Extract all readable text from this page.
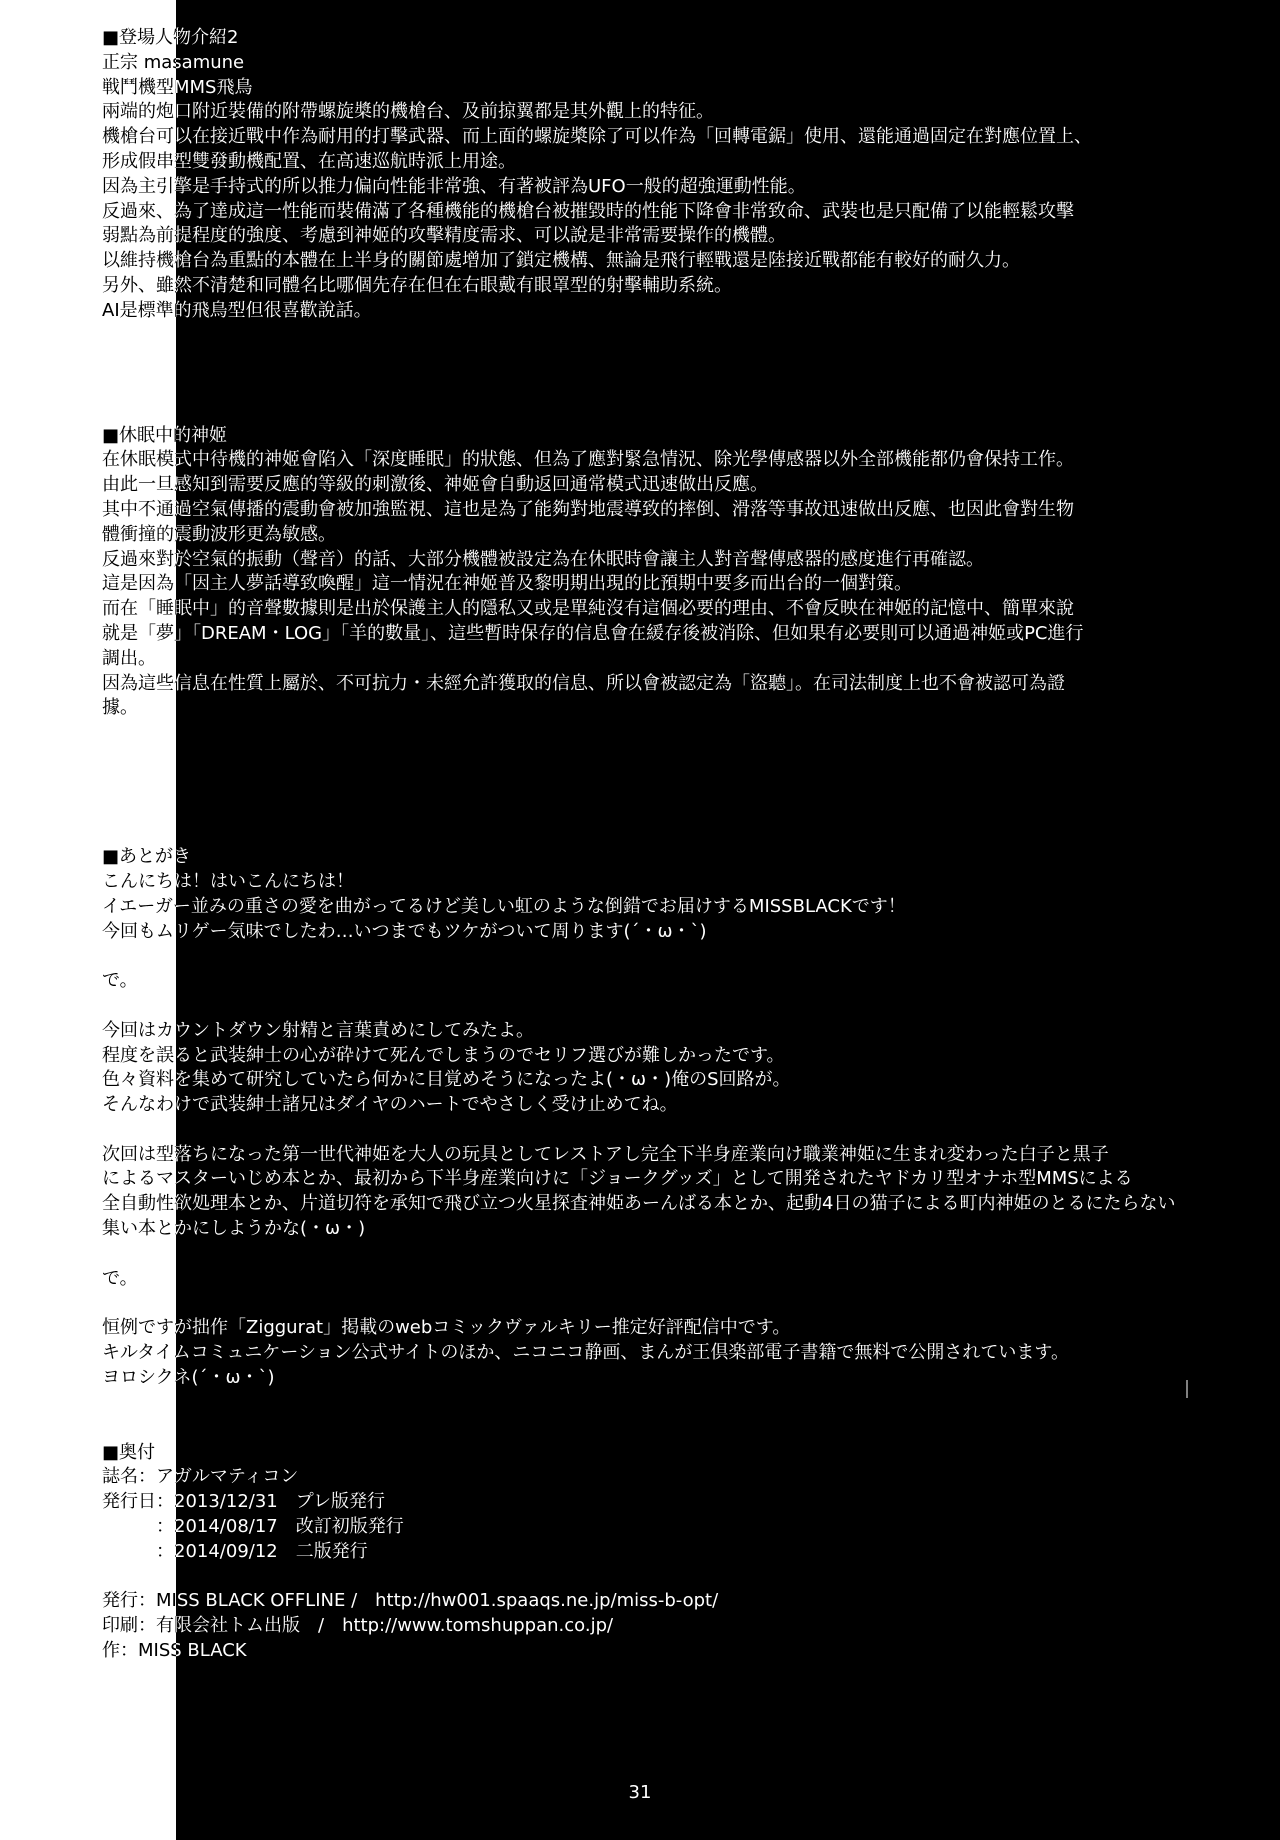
■登場人物介紹2
正宗 masamune
戦鬥機型MMS飛鳥
兩端的炮口附近裝備的附帶螺旋槳的機槍台、及前掠翼都是其外觀上的特征。
機槍台可以在接近戰中作為耐用的打擊武器、而上面的螺旋槳除了可以作為「回轉電鋸」使用、還能通過固定在對應位置上、
形成假串型雙發動機配置、在高速巡航時派上用途。
因為主引擎是手持式的所以推力偏向性能非常強、有著被評為UFO一般的超強運動性能。
反過來、為了達成這一性能而裝備滿了各種機能的機槍台被摧毀時的性能下降會非常致命、武裝也是只配備了以能輕鬆攻擊
弱點為前提程度的強度、考慮到神姬的攻擊精度需求、可以說是非常需要操作的機體。
以維持機槍台為重點的本體在上半身的關節處增加了鎖定機構、無論是飛行輕戰還是陸接近戰都能有較好的耐久力。
另外、雖然不清楚和同體名比哪個先存在但在右眼戴有眼罩型的射擊輔助系統。
AI是標準的飛鳥型但很喜歡說話。
■休眠中的神姬
在休眠模式中待機的神姬會陷入「深度睡眠」的狀態、但為了應對緊急情況、除光學傳感器以外全部機能都仍會保持工作。
由此一旦感知到需要反應的等級的刺激後、神姬會自動返回通常模式迅速做出反應。
其中不通過空氣傳播的震動會被加強監視、這也是為了能夠對地震導致的摔倒、滑落等事故迅速做出反應、也因此會對生物
體衝撞的震動波形更為敏感。
反過來對於空氣的振動（聲音）的話、大部分機體被設定為在休眠時會讓主人對音聲傳感器的感度進行再確認。
這是因為「因主人夢話導致喚醒」這一情況在神姬普及黎明期出現的比預期中要多而出台的一個對策。
而在「睡眠中」的音聲數據則是出於保護主人的隱私又或是單純沒有這個必要的理由、不會反映在神姬的記憶中、簡單來說
就是「夢」「DREAM・LOG」「羊的數量」、這些暫時保存的信息會在緩存後被消除、但如果有必要則可以通過神姬或PC進行
調出。
因為這些信息在性質上屬於、不可抗力・未經允許獲取的信息、所以會被認定為「盜聽」。在司法制度上也不會被認可為證
據。
■あとがき
こんにちは！はいこんにちは！
イエーガー並みの重さの愛を曲がってるけど美しい虹のような倒錯でお届けするMISSBLACKです！
今回もムリゲー気味でしたわ…いつまでもツケがついて周ります(´・ω・`)
で。
今回はカウントダウン射精と言葉責めにしてみたよ。
程度を誤ると武装紳士の心が砕けて死んでしまうのでセリフ選びが難しかったです。
色々資料を集めて研究していたら何かに目覚めそうになったよ(・ω・)俺のS回路が。
そんなわけで武装紳士諸兄はダイヤのハートでやさしく受け止めてね。
次回は型落ちになった第一世代神姫を大人の玩具としてレストアし完全下半身産業向け職業神姫に生まれ変わった白子と黒子
によるマスターいじめ本とか、最初から下半身産業向けに「ジョークグッズ」として開発されたヤドカリ型オナホ型MMSによる
全自動性欲処理本とか、片道切符を承知で飛び立つ火星探査神姫あーんばる本とか、起動4日の猫子による町内神姫のとるにたらない
集い本とかにしようかな(・ω・)
で。
恒例ですが拙作「Ziggurat」掲載のwebコミックヴァルキリー推定好評配信中です。
キルタイムコミュニケーション公式サイトのほか、ニコニコ静画、まんが王倶楽部電子書籍で無料で公開されています。
ヨロシクネ(´・ω・`)
■奥付
誌名：アガルマティコン
発行日：2013/12/31　プレ版発行
　　　：2014/08/17　改訂初版発行
　　　：2014/09/12　二版発行
発行：MISS BLACK OFFLINE /　http://hw001.spaaqs.ne.jp/miss-b-opt/
印刷：有限会社トム出版　/　http://www.tomshuppan.co.jp/
作：MISS BLACK
31
